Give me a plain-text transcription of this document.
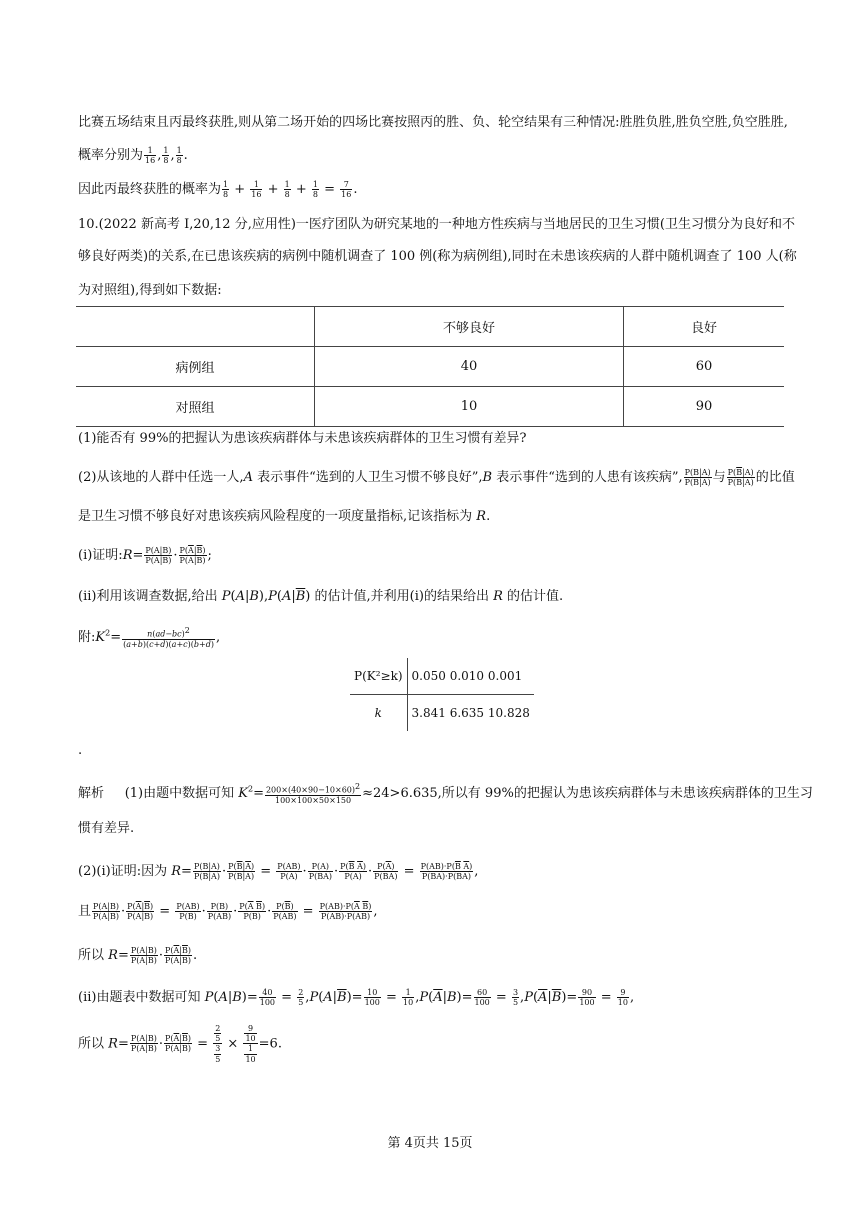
比赛五场结束且丙最终获胜,则从第二场开始的四场比赛按照丙的胜、负、轮空结果有三种情况:胜胜负胜,胜负空胜,负空胜胜,
概率分别为 $\frac{1}{16}$ , $\frac{1}{8}$ , $\frac{1}{8}$ .
因此丙最终获胜的概率为 $\frac{1}{8} + \frac{1}{16} + \frac{1}{8} + \frac{1}{8} = \frac{7}{16}$ .
10.(2022 新高考 Ⅰ,20,12 分,应用性)一医疗团队为研究某地的一种地方性疾病与当地居民的卫生习惯(卫生习惯分为良好和不
够良好两类)的关系,在已患该疾病的病例中随机调查了 100 例(称为病例组),同时在未患该疾病的人群中随机调查了 100 人(称
为对照组),得到如下数据:
	不够良好	良好
病例组	40	60
对照组	10	90
(1)能否有 99%的把握认为患该疾病群体与未患该疾病群体的卫生习惯有差异?
(2)从该地的人群中任选一人,A 表示事件“选到的人卫生习惯不够良好”,B 表示事件“选到的人患有该疾病”, $\frac{P(B|A)}{P(B|\overline{A})}$ 与 $\frac{P(\overline{B}|A)}{P(\overline{B}|\overline{A})}$ 的比值
是卫生习惯不够良好对患该疾病风险程度的一项度量指标,记该指标为 R.
(i)证明:R= $\frac{P(A|B)}{P(\overline{A}|B)} \cdot \frac{P(\overline{A}|\overline{B})}{P(A|\overline{B})}$ ;
(ii)利用该调查数据,给出 $P(A|B),P(A|\overline{B})$ 的估计值,并利用(i)的结果给出 R 的估计值.
附$:K^2= \frac{n(ad-bc)^2}{(a+b)(c+d)(a+c)(b+d)}$ ,
P(K²≥k)	0.050 0.010 0.001
k	3.841 6.635 10.828
.
解析 (1)由题中数据可知 $K^2= \frac{200\times(40\times 90-10\times 60)^2}{100\times 100\times 50\times 150} \approx 24>6.635$,所以有 99%的把握认为患该疾病群体与未患该疾病群体的卫生习
惯有差异.
(2)(i)证明:因为 $R= \frac{P(B|A)}{P(B|\overline{A})} \cdot \frac{P(\overline{B}|\overline{A})}{P(\overline{B}|A)} = \frac{P(AB)}{P(A)} \cdot \frac{P(A)}{P(\overline{B}A)} \cdot \frac{P(\overline{B} \overline{A})}{P(\overline{A})} \cdot \frac{P(\overline{A})}{P(B\overline{A})} = \frac{P(AB)\cdot P(\overline{B} \overline{A})}{P(\overline{B}A)\cdot P(B\overline{A})}$ ,
且 $\frac{P(A|B)}{P(\overline{A}|B)} \cdot \frac{P(\overline{A}|\overline{B})}{P(A|\overline{B})} = \frac{P(AB)}{P(B)} \cdot \frac{P(B)}{P(\overline{A}B)} \cdot \frac{P(\overline{A} \overline{B})}{P(\overline{B})} \cdot \frac{P(\overline{B})}{P(A\overline{B})} = \frac{P(AB)\cdot P(\overline{A} \overline{B})}{P(\overline{A}B)\cdot P(A\overline{B})}$ ,
所以 $R= \frac{P(A|B)}{P(\overline{A}|B)} \cdot \frac{P(\overline{A}|\overline{B})}{P(A|\overline{B})}$ .
(ii)由题表中数据可知 $P(A|B)= \frac{40}{100} = \frac{2}{5} ,P(A|\overline{B})= \frac{10}{100} = \frac{1}{10} ,P(\overline{A}|B)= \frac{60}{100} = \frac{3}{5} ,P(\overline{A}|\overline{B})= \frac{90}{100} = \frac{9}{10}$ ,
所以 $R= \frac{P(A|B)}{P(\overline{A}|B)} \cdot \frac{P(\overline{A}|\overline{B})}{P(A|\overline{B})} = \frac{\frac{2}{5}}{\frac{3}{5}} \times \frac{\frac{9}{10}}{\frac{1}{10}} =6$.
第 4页共 15页
